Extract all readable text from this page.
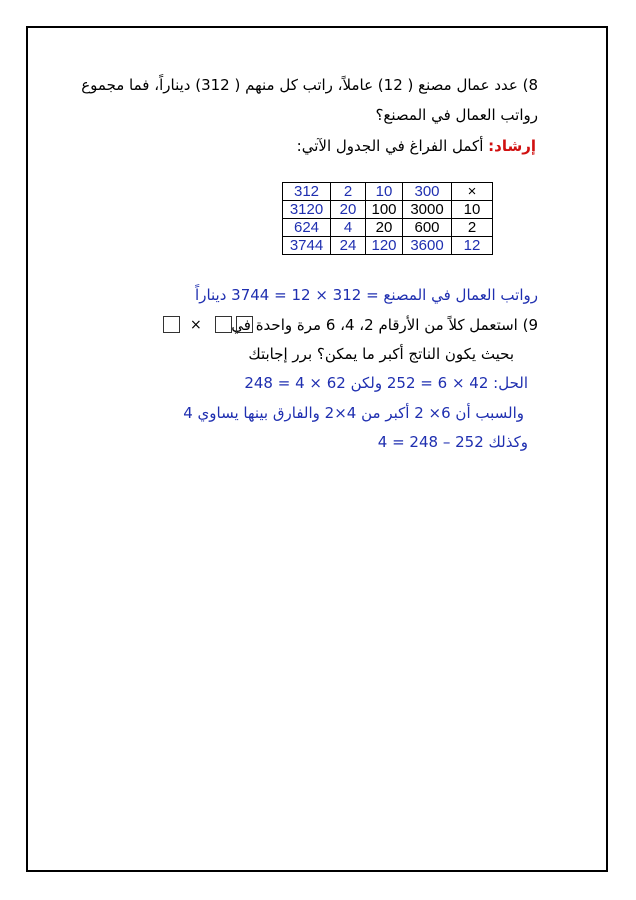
8) عدد عمال مصنع ( 12) عاملاً، راتب كل منهم ( 312) ديناراً، فما مجموع
رواتب العمال في المصنع؟
إرشاد: أكمل الفراغ في الجدول الآتي:
312	2	10	300	×
3120	20	100	3000	10
624	4	20	600	2
3744	24	120	3600	12
رواتب العمال في المصنع = 312 × 12 = 3744 ديناراً
9) استعمل كلاً من الأرقام 2، 4، 6 مرة واحدة في
×
بحيث يكون الناتج أكبر ما يمكن؟ برر إجابتك
الحل: 42 × 6 = 252 ولكن 62 × 4 = 248
والسبب أن 6× 2 أكبر من 4×2 والفارق بينها يساوي 4
وكذلك 252 – 248 = 4
